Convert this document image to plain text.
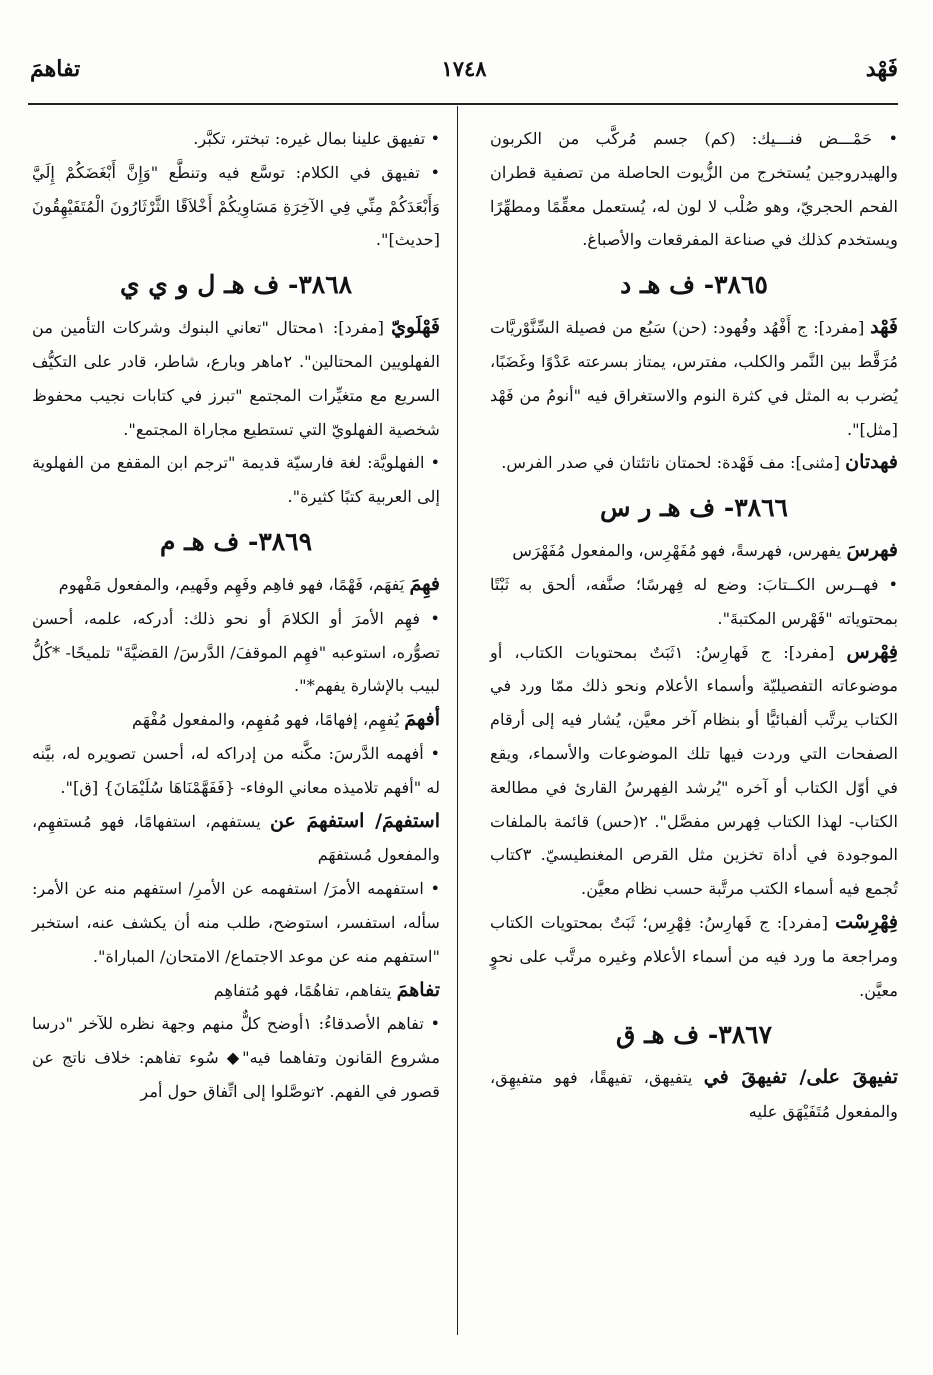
فَهْد
١٧٤٨
تفاهمَ

• حَمْـــض فنـــيك: (كم) جسم مُركَّب من الكربون والهيدروجين يُستخرج من الزُّيوت الحاصلة من تصفية قطران الفحم الحجريّ، وهو صُلْب لا لون له، يُستعمل معقِّمًا ومطهِّرًا ويستخدم كذلك في صناعة المفرقعات والأصباغ.

٣٨٦٥- ف هـ د

فَهْد [مفرد]: ج أَفْهُد وفُهود: (حن) سَبُع من فصيلة السِّنَّوْريَّات مُرَقَّط بين النَّمر والكلب، مفترس، يمتاز بسرعته عَدْوًا وغَضَبًا، يُضرب به المثل في كثرة النوم والاستغراق فيه "أنومُ من فَهْد [مثل]".

فهدتان [مثنى]: مف فَهْدة: لحمتان ناتئتان في صدر الفرس.

٣٨٦٦- ف هـ ر س

فهرسَ يفهرس، فهرسةً، فهو مُفَهْرِس، والمفعول مُفَهْرَس

• فهــرس الكــتابَ: وضع له فِهرسًا؛ صنَّفه، ألحق به ثَبْتًا بمحتوياته "فَهْرس المكتبةَ".

فِهْرس [مفرد]: ج فَهارِسُ: ١ثَبَتٌ بمحتويات الكتاب، أو موضوعاته التفصيليّة وأسماء الأعلام ونحو ذلك ممّا ورد في الكتاب يرتَّب ألفبائيًّا أو بنظام آخر معيَّن، يُشار فيه إلى أرقام الصفحات التي وردت فيها تلك الموضوعات والأسماء، ويقع في أوّل الكتاب أو آخره "يُرشد الفِهرسُ القارئ في مطالعة الكتاب- لهذا الكتاب فِهرس مفصَّل". ٢(حس) قائمة بالملفات الموجودة في أداة تخزين مثل القرص المغنطيسيّ. ٣كتاب تُجمع فيه أسماء الكتب مرتَّبة حسب نظام معيَّن.

فِهْرِسْت [مفرد]: ج فَهارِسُ: فِهْرِس؛ ثَبَتٌ بمحتويات الكتاب ومراجعة ما ورد فيه من أسماء الأعلام وغيره مرتَّب على نحوٍ معيَّن.

٣٨٦٧- ف هـ ق

تفيهقَ على/ تفيهقَ في يتفيهق، تفيهقًا، فهو متفيهِق، والمفعول مُتَفَيْهَق عليه

• تفيهق علينا بمال غيره: تبختر، تكبَّر.

• تفيهق في الكلام: توسَّع فيه وتنطَّع "وَإِنَّ أَبْغَضَكُمْ إِلَيَّ وَأَبْعَدَكُمْ مِنِّي فِي الآخِرَةِ مَسَاوِيكُمْ أَخْلاَقًا الثَّرْثَارُونَ الْمُتَفَيْهِقُونَ [حديث]".

٣٨٦٨- ف هـ ل و ي ي

فَهْلَويّ [مفرد]: ١محتال "تعاني البنوك وشركات التأمين من الفهلويين المحتالين". ٢ماهر وبارع، شاطر، قادر على التكيُّف السريع مع متغيِّرات المجتمع "تبرز في كتابات نجيب محفوظ شخصية الفهلويّ التي تستطيع مجاراة المجتمع".

• الفهلويَّة: لغة فارسيّة قديمة "ترجم ابن المقفع من الفهلوية إلى العربية كتبًا كثيرة".

٣٨٦٩- ف هـ م

فهِمَ يَفهَم، فَهْمًا، فهو فاهِم وفَهِم وفَهيم، والمفعول مَفْهوم

• فهِم الأمرَ أو الكلامَ أو نحو ذلك: أدركه، علمه، أحسن تصوُّره، استوعبه "فهِم الموقفَ/ الدَّرسَ/ القضيَّةَ" تلميحًا- *كُلُّ لبيب بالإشارة يفهم*".

أفهمَ يُفهِم، إفهامًا، فهو مُفهِم، والمفعول مُفْهَم

• أفهمه الدَّرسَ: مكَّنه من إدراكه له، أحسن تصويره له، بيَّنه له "أفهم تلاميذه معاني الوفاء- {فَفَهَّمْنَاهَا سُلَيْمَانَ} [ق]".

استفهمَ/ استفهمَ عن يستفهم، استفهامًا، فهو مُستفهِم، والمفعول مُستفهَم

• استفهمه الأمرَ/ استفهمه عن الأمرِ/ استفهم منه عن الأمر: سأله، استفسر، استوضح، طلب منه أن يكشف عنه، استخبر "استفهم منه عن موعد الاجتماع/ الامتحان/ المباراة".

تفاهمَ يتفاهم، تفاهُمًا، فهو مُتفاهِم

• تفاهم الأصدقاءُ: ١أوضح كلٌّ منهم وجهة نظره للآخر "درسا مشروع القانون وتفاهما فيه"◆ سُوء تفاهم: خلاف ناتج عن قصور في الفهم. ٢توصَّلوا إلى اتِّفاق حول أمر
